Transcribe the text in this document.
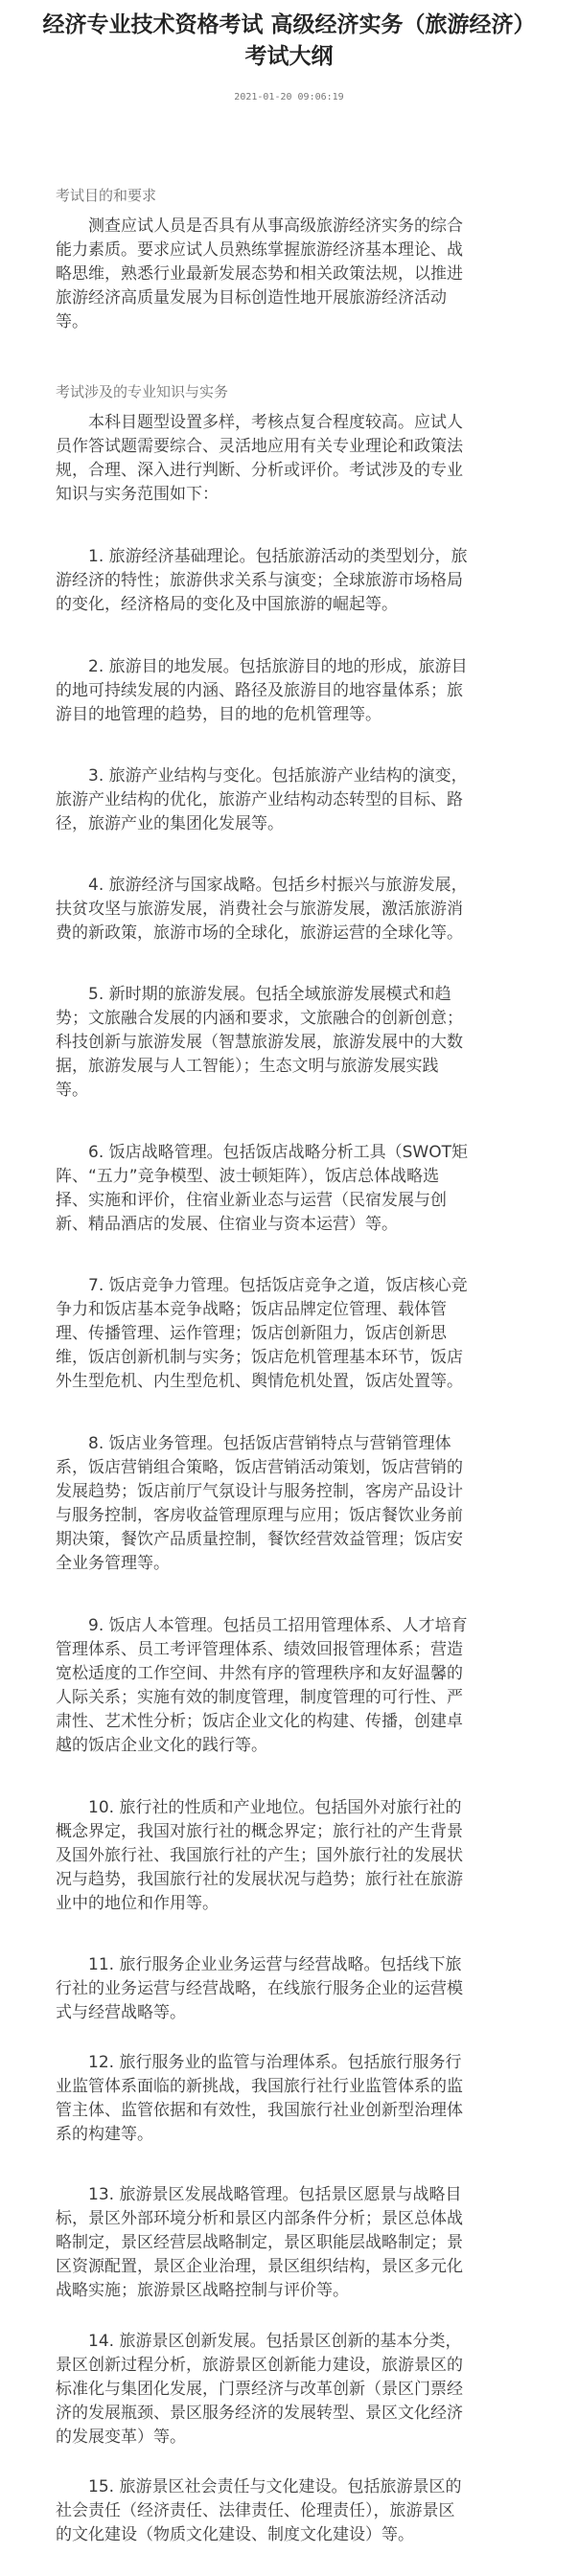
经济专业技术资格考试 高级经济实务（旅游经济）
考试大纲
2021-01-20 09:06:19
考试目的和要求
　　测查应试人员是否具有从事高级旅游经济实务的综合
能力素质。要求应试人员熟练掌握旅游经济基本理论、战
略思维，熟悉行业最新发展态势和相关政策法规，以推进
旅游经济高质量发展为目标创造性地开展旅游经济活动
等。
考试涉及的专业知识与实务
　　本科目题型设置多样，考核点复合程度较高。应试人
员作答试题需要综合、灵活地应用有关专业理论和政策法
规，合理、深入进行判断、分析或评价。考试涉及的专业
知识与实务范围如下：
　　1. 旅游经济基础理论。包括旅游活动的类型划分，旅
游经济的特性；旅游供求关系与演变；全球旅游市场格局
的变化，经济格局的变化及中国旅游的崛起等。
　　2. 旅游目的地发展。包括旅游目的地的形成，旅游目
的地可持续发展的内涵、路径及旅游目的地容量体系；旅
游目的地管理的趋势，目的地的危机管理等。
　　3. 旅游产业结构与变化。包括旅游产业结构的演变，
旅游产业结构的优化，旅游产业结构动态转型的目标、路
径，旅游产业的集团化发展等。
　　4. 旅游经济与国家战略。包括乡村振兴与旅游发展，
扶贫攻坚与旅游发展，消费社会与旅游发展，激活旅游消
费的新政策，旅游市场的全球化，旅游运营的全球化等。
　　5. 新时期的旅游发展。包括全域旅游发展模式和趋
势；文旅融合发展的内涵和要求，文旅融合的创新创意；
科技创新与旅游发展（智慧旅游发展，旅游发展中的大数
据，旅游发展与人工智能）；生态文明与旅游发展实践
等。
　　6. 饭店战略管理。包括饭店战略分析工具（SWOT矩
阵、“五力”竞争模型、波士顿矩阵），饭店总体战略选
择、实施和评价，住宿业新业态与运营（民宿发展与创
新、精品酒店的发展、住宿业与资本运营）等。
　　7. 饭店竞争力管理。包括饭店竞争之道，饭店核心竞
争力和饭店基本竞争战略；饭店品牌定位管理、载体管
理、传播管理、运作管理；饭店创新阻力，饭店创新思
维，饭店创新机制与实务；饭店危机管理基本环节，饭店
外生型危机、内生型危机、舆情危机处置，饭店处置等。
　　8. 饭店业务管理。包括饭店营销特点与营销管理体
系，饭店营销组合策略，饭店营销活动策划，饭店营销的
发展趋势；饭店前厅气氛设计与服务控制，客房产品设计
与服务控制，客房收益管理原理与应用；饭店餐饮业务前
期决策，餐饮产品质量控制，餐饮经营效益管理；饭店安
全业务管理等。
　　9. 饭店人本管理。包括员工招用管理体系、人才培育
管理体系、员工考评管理体系、绩效回报管理体系；营造
宽松适度的工作空间、井然有序的管理秩序和友好温馨的
人际关系；实施有效的制度管理，制度管理的可行性、严
肃性、艺术性分析；饭店企业文化的构建、传播，创建卓
越的饭店企业文化的践行等。
　　10. 旅行社的性质和产业地位。包括国外对旅行社的
概念界定，我国对旅行社的概念界定；旅行社的产生背景
及国外旅行社、我国旅行社的产生；国外旅行社的发展状
况与趋势，我国旅行社的发展状况与趋势；旅行社在旅游
业中的地位和作用等。
　　11. 旅行服务企业业务运营与经营战略。包括线下旅
行社的业务运营与经营战略，在线旅行服务企业的运营模
式与经营战略等。
　　12. 旅行服务业的监管与治理体系。包括旅行服务行
业监管体系面临的新挑战，我国旅行社行业监管体系的监
管主体、监管依据和有效性，我国旅行社业创新型治理体
系的构建等。
　　13. 旅游景区发展战略管理。包括景区愿景与战略目
标，景区外部环境分析和景区内部条件分析；景区总体战
略制定，景区经营层战略制定，景区职能层战略制定；景
区资源配置，景区企业治理，景区组织结构，景区多元化
战略实施；旅游景区战略控制与评价等。
　　14. 旅游景区创新发展。包括景区创新的基本分类，
景区创新过程分析，旅游景区创新能力建设，旅游景区的
标准化与集团化发展，门票经济与改革创新（景区门票经
济的发展瓶颈、景区服务经济的发展转型、景区文化经济
的发展变革）等。
　　15. 旅游景区社会责任与文化建设。包括旅游景区的
社会责任（经济责任、法律责任、伦理责任），旅游景区
的文化建设（物质文化建设、制度文化建设）等。
